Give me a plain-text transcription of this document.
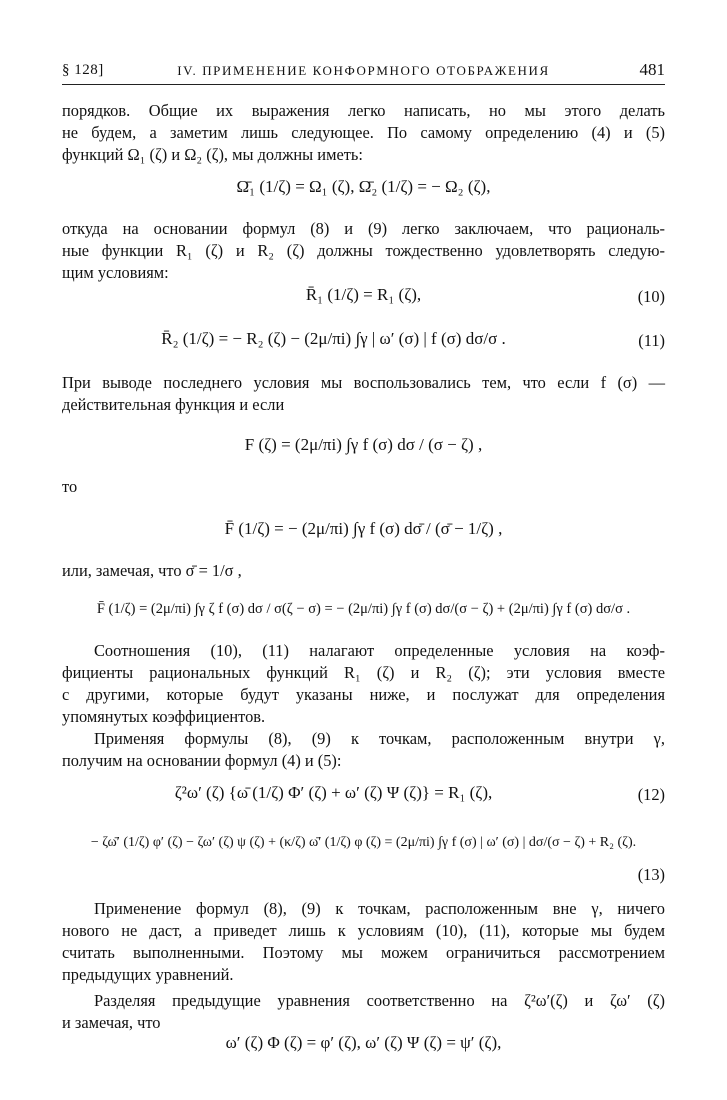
§ 128]	IV. ПРИМЕНЕНИЕ КОНФОРМНОГО ОТОБРАЖЕНИЯ	481
порядков. Общие их выражения легко написать, но мы этого делать
не будем, а заметим лишь следующее. По самому определению (4) и (5)
функций Ω₁ (ζ) и Ω₂ (ζ), мы должны иметь:
Ω̄₁ (1/ζ) = Ω₁ (ζ), Ω̄₂ (1/ζ) = − Ω₂ (ζ),
откуда на основании формул (8) и (9) легко заключаем, что рациональ-
ные функции R₁ (ζ) и R₂ (ζ) должны тождественно удовлетворять следую-
щим условиям:
R̄₁ (1/ζ) = R₁ (ζ),	(10)
R̄₂ (1/ζ) = − R₂ (ζ) − (2μ/πi) ∫γ | ω′ (σ) | f (σ) dσ/σ .	(11)
При выводе последнего условия мы воспользовались тем, что если f (σ) —
действительная функция и если
F (ζ) = (2μ/πi) ∫γ f (σ) dσ / (σ − ζ) ,
то
F̄ (1/ζ) = − (2μ/πi) ∫γ f (σ) dσ̄ / (σ̄ − 1/ζ) ,
или, замечая, что σ̄ = 1/σ ,
F̄ (1/ζ) = (2μ/πi) ∫γ ζ f (σ) dσ / σ(ζ − σ) = − (2μ/πi) ∫γ f (σ) dσ/(σ − ζ) + (2μ/πi) ∫γ f (σ) dσ/σ .
Соотношения (10), (11) налагают определенные условия на коэф-
фициенты рациональных функций R₁ (ζ) и R₂ (ζ); эти условия вместе
с другими, которые будут указаны ниже, и послужат для определения
упомянутых коэффициентов.
Применяя формулы (8), (9) к точкам, расположенным внутри γ,
получим на основании формул (4) и (5):
ζ²ω′ (ζ) {ω̄ (1/ζ) Φ′ (ζ) + ω′ (ζ) Ψ (ζ)} = R₁ (ζ),	(12)
− ζω̄′ (1/ζ) φ′ (ζ) − ζω′ (ζ) ψ (ζ) + (κ/ζ) ω̄′ (1/ζ) φ (ζ) = (2μ/πi) ∫γ f (σ) | ω′ (σ) | dσ/(σ − ζ) + R₂ (ζ).
(13)
Применение формул (8), (9) к точкам, расположенным вне γ, ничего
нового не даст, а приведет лишь к условиям (10), (11), которые мы будем
считать выполненными. Поэтому мы можем ограничиться рассмотрением
предыдущих уравнений.
Разделяя предыдущие уравнения соответственно на ζ²ω′(ζ) и ζω′ (ζ)
и замечая, что
ω′ (ζ) Φ (ζ) = φ′ (ζ), ω′ (ζ) Ψ (ζ) = ψ′ (ζ),
